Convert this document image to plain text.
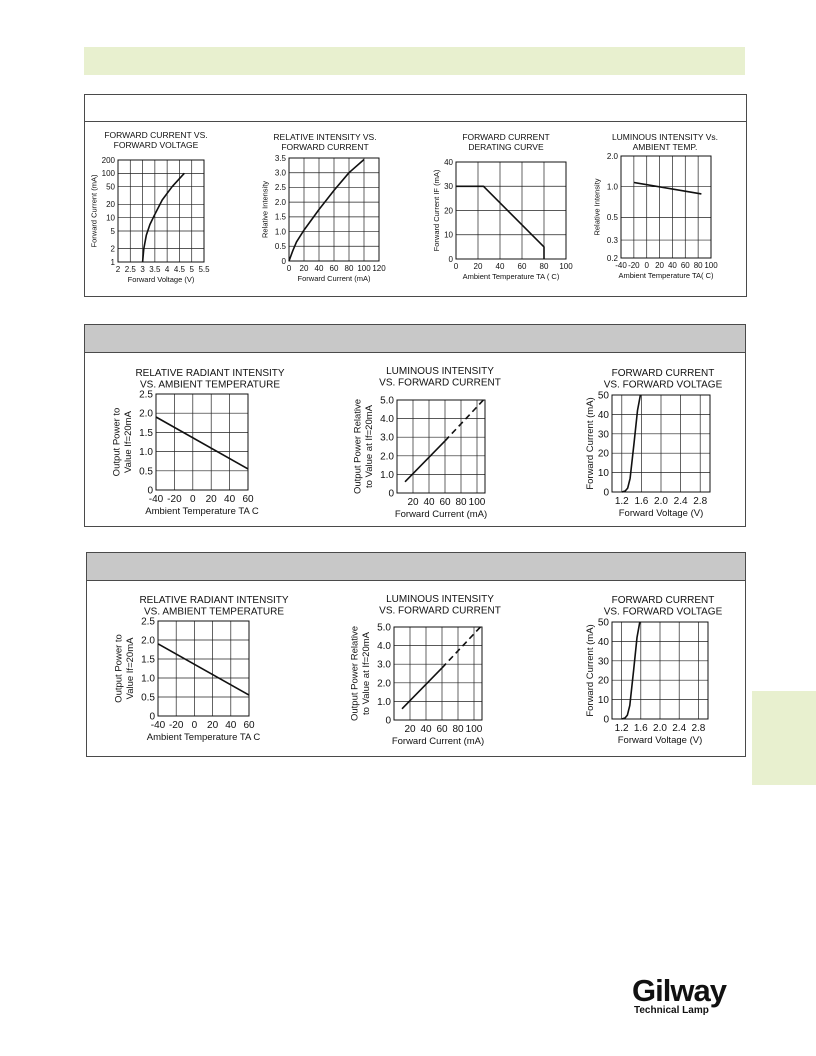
FORWARD CURRENT VS.
FORWARD VOLTAGE
2 2.5 3 3.5 4 4.5 5 5.5
1
2
5
10
20
50
100
200
Forward Voltage (V)
Forward Current (mA)
RELATIVE INTENSITY VS.
FORWARD CURRENT
0 20 40 60 80 100 120
0
0.5
1.0
1.5
2.0
2.5
3.0
3.5
Forward Current (mA)
Relative Intensity
FORWARD CURRENT
DERATING CURVE
0 20 40 60 80 100
0
10
20
30
40
Ambient Temperature TA ( C)
Forward Current IF (mA)
LUMINOUS INTENSITY Vs.
AMBIENT TEMP.
-40 -20 0 20 40 60 80 100
0.2
0.3
0.5
1.0
2.0
Ambient Temperature TA( C)
Relative Intensity
RELATIVE RADIANT INTENSITY
VS. AMBIENT TEMPERATURE
-40 -20 0 20 40 60
0
0.5
1.0
1.5
2.0
2.5
Ambient Temperature TA C
Output Power to Value If=20mA
LUMINOUS INTENSITY
VS. FORWARD CURRENT
20 40 60 80 100
0
1.0
2.0
3.0
4.0
5.0
Forward Current (mA)
Output Power Relative to Value at If=20mA
FORWARD CURRENT
VS. FORWARD VOLTAGE
1.2 1.6 2.0 2.4 2.8
0
10
20
30
40
50
Forward Voltage (V)
Forward Current (mA)
RELATIVE RADIANT INTENSITY
VS. AMBIENT TEMPERATURE
-40 -20 0 20 40 60
0
0.5
1.0
1.5
2.0
2.5
Ambient Temperature TA C
Output Power to Value If=20mA
LUMINOUS INTENSITY
VS. FORWARD CURRENT
20 40 60 80 100
0
1.0
2.0
3.0
4.0
5.0
Forward Current (mA)
Output Power Relative to Value at If=20mA
FORWARD CURRENT
VS. FORWARD VOLTAGE
1.2 1.6 2.0 2.4 2.8
0
10
20
30
40
50
Forward Voltage (V)
Forward Current (mA)
Gilway
Technical Lamp
